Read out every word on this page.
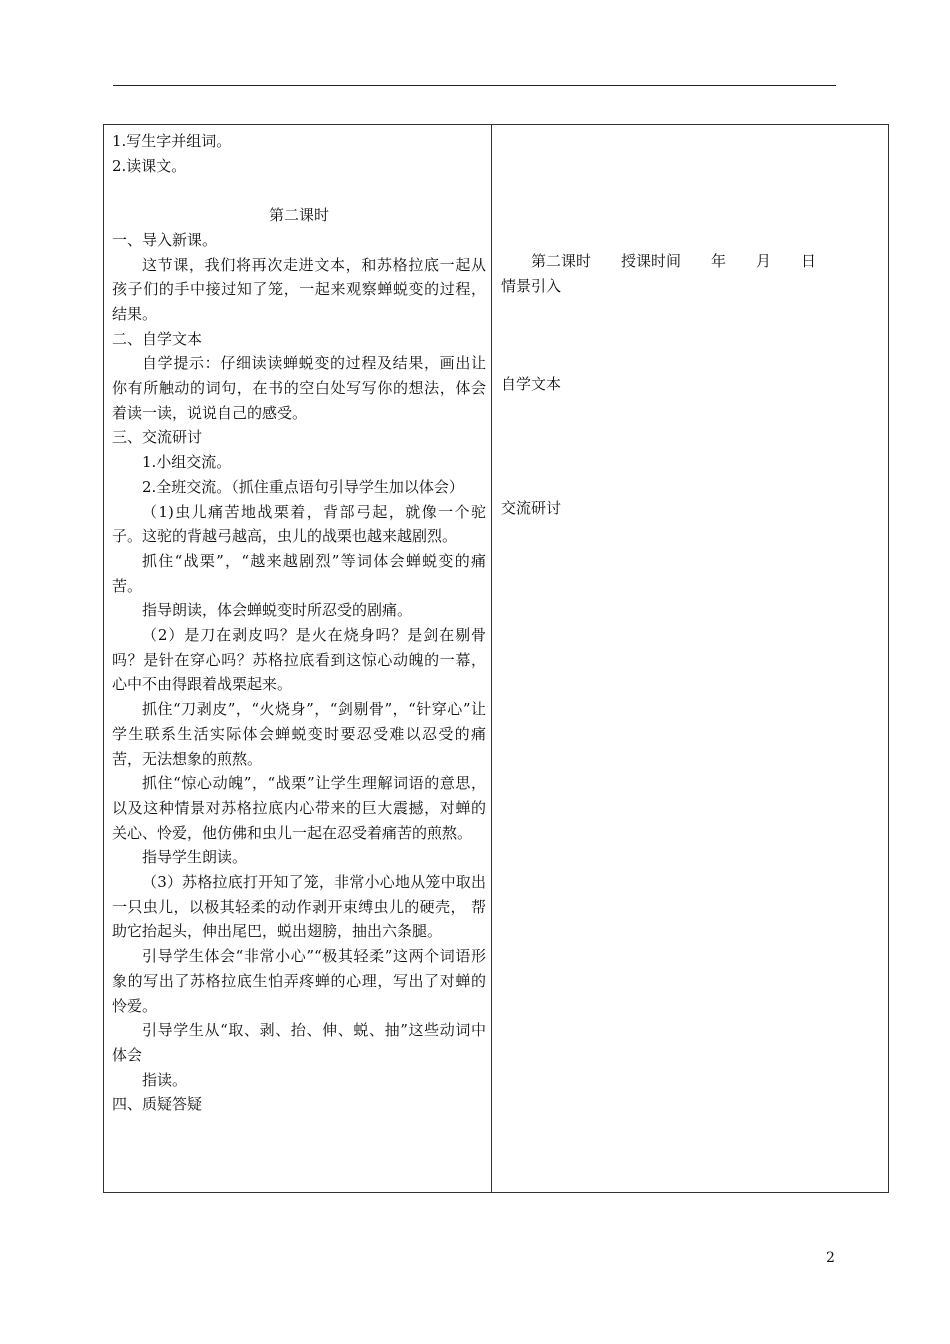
1.写生字并组词。
2.读课文。
第二课时
一、导入新课。
这节课，我们将再次走进文本，和苏格拉底一起从孩子们的手中接过知了笼，一起来观察蝉蜕变的过程，结果。
二、自学文本
自学提示：仔细读读蝉蜕变的过程及结果，画出让你有所触动的词句，在书的空白处写写你的想法，体会着读一读，说说自己的感受。
三、交流研讨
1.小组交流。
2.全班交流。（抓住重点语句引导学生加以体会）
（1)虫儿痛苦地战栗着，背部弓起，就像一个驼子。这驼的背越弓越高，虫儿的战栗也越来越剧烈。
抓住“战栗”，“越来越剧烈”等词体会蝉蜕变的痛苦。
指导朗读，体会蝉蜕变时所忍受的剧痛。
（2）是刀在剥皮吗？是火在烧身吗？是剑在剔骨吗？是针在穿心吗？苏格拉底看到这惊心动魄的一幕，心中不由得跟着战栗起来。
抓住“刀剥皮”，“火烧身”，“剑剔骨”，“针穿心”让学生联系生活实际体会蝉蜕变时要忍受难以忍受的痛苦，无法想象的煎熬。
抓住“惊心动魄”，“战栗”让学生理解词语的意思，以及这种情景对苏格拉底内心带来的巨大震撼，对蝉的关心、怜爱，他仿佛和虫儿一起在忍受着痛苦的煎熬。
指导学生朗读。
（3）苏格拉底打开知了笼，非常小心地从笼中取出一只虫儿，以极其轻柔的动作剥开束缚虫儿的硬壳， 帮助它抬起头，伸出尾巴，蜕出翅膀，抽出六条腿。
引导学生体会“非常小心”“极其轻柔”这两个词语形象的写出了苏格拉底生怕弄疼蝉的心理，写出了对蝉的怜爱。
引导学生从“取、剥、抬、伸、蜕、抽”这些动词中体会
指读。
四、质疑答疑
第二课时　　授课时间　　年　　月　　日
情景引入
自学文本
交流研讨
2
